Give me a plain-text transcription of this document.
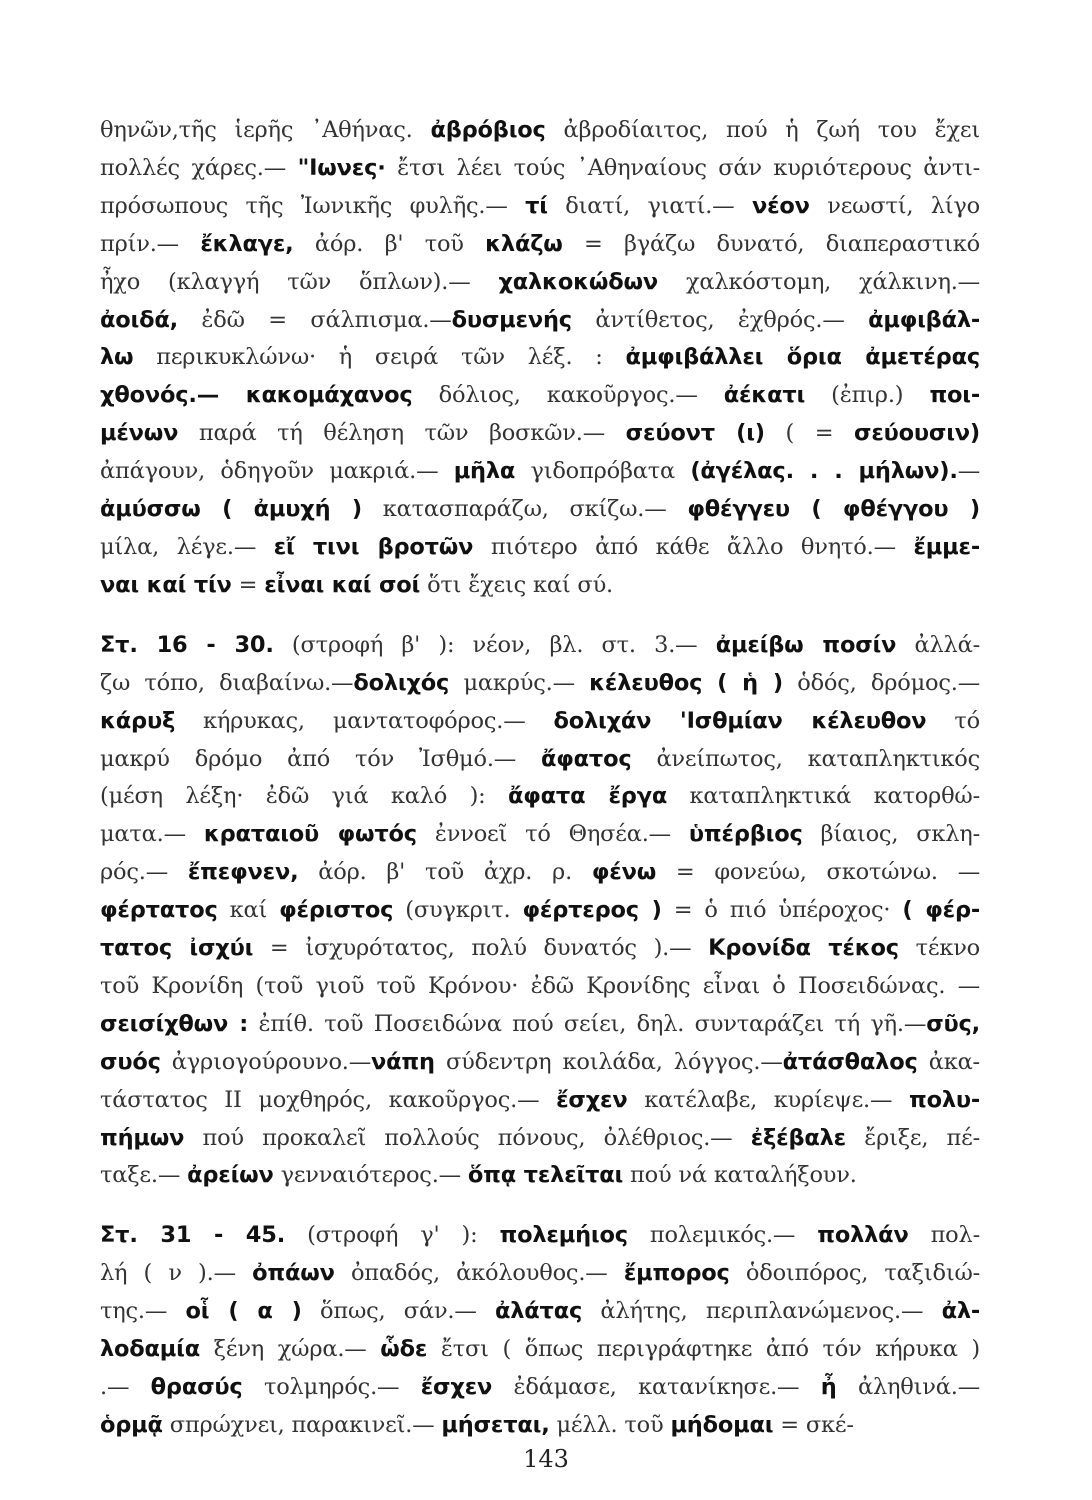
θηνῶν,τῆς ἱερῆς ᾿Αθήνας. ἀβρόβιος ἀβροδίαιτος, πού ἡ ζωή του ἔχει
πολλές χάρες.— "Ιωνες· ἔτσι λέει τούς ᾿Αθηναίους σάν κυριότερους ἀντι-
πρόσωπους τῆς Ἰωνικῆς φυλῆς.— τί διατί, γιατί.— νέον νεωστί, λίγο
πρίν.— ἔκλαγε, ἀόρ. β' τοῦ κλάζω = βγάζω δυνατό, διαπεραστικό
ἦχο (κλαγγή τῶν ὅπλων).— χαλκοκώδων χαλκόστομη, χάλκινη.—
ἀοιδά, ἐδῶ = σάλπισμα.—δυσμενής ἀντίθετος, ἐχθρός.— ἀμφιβάλ-
λω περικυκλώνω· ἡ σειρά τῶν λέξ. : ἀμφιβάλλει ὅρια ἀμετέρας
χθονός.— κακομάχανος δόλιος, κακοῦργος.— ἀέκατι (ἐπιρ.) ποι-
μένων παρά τή θέληση τῶν βοσκῶν.— σεύοντ (ι) ( = σεύουσιν)
ἀπάγουν, ὁδηγοῦν μακριά.— μῆλα γιδοπρόβατα (ἀγέλας. . . μήλων).—
ἀμύσσω ( ἀμυχή ) κατασπαράζω, σκίζω.— φθέγγευ ( φθέγγου )
μίλα, λέγε.— εἴ τινι βροτῶν πιότερο ἀπό κάθε ἄλλο θνητό.— ἔμμε-
ναι καί τίν = εἶναι καί σοί ὅτι ἔχεις καί σύ.
Στ. 16 - 30. (στροφή β' ): νέον, βλ. στ. 3.— ἀμείβω ποσίν ἀλλά-
ζω τόπο, διαβαίνω.—δολιχός μακρύς.— κέλευθος ( ἡ ) ὁδός, δρόμος.—
κάρυξ κήρυκας, μαντατοφόρος.— δολιχάν 'Ισθμίαν κέλευθον τό
μακρύ δρόμο ἀπό τόν Ἰσθμό.— ἄφατος ἀνείπωτος, καταπληκτικός
(μέση λέξη· ἐδῶ γιά καλό ): ἄφατα ἔργα καταπληκτικά κατορθώ-
ματα.— κραταιοῦ φωτός ἐννοεῖ τό Θησέα.— ὑπέρβιος βίαιος, σκλη-
ρός.— ἔπεφνεν, ἀόρ. β' τοῦ ἀχρ. ρ. φένω = φονεύω, σκοτώνω. —
φέρτατος καί φέριστος (συγκριτ. φέρτερος ) = ὁ πιό ὑπέροχος· ( φέρ-
τατος ἰσχύι = ἰσχυρότατος, πολύ δυνατός ).— Κρονίδα τέκος τέκνο
τοῦ Κρονίδη (τοῦ γιοῦ τοῦ Κρόνου· ἐδῶ Κρονίδης εἶναι ὁ Ποσειδώνας. —
σεισίχθων : ἐπίθ. τοῦ Ποσειδώνα πού σείει, δηλ. συνταράζει τή γῆ.—σῦς,
συός ἀγριογούρουνο.—νάπη σύδεντρη κοιλάδα, λόγγος.—ἀτάσθαλος ἀκα-
τάστατος ΙΙ μοχθηρός, κακοῦργος.— ἔσχεν κατέλαβε, κυρίεψε.— πολυ-
πήμων πού προκαλεῖ πολλούς πόνους, ὀλέθριος.— ἐξέβαλε ἔριξε, πέ-
ταξε.— ἀρείων γενναιότερος.— ὅπᾳ τελεῖται πού νά καταλήξουν.
Στ. 31 - 45. (στροφή γ' ): πολεμήιος πολεμικός.— πολλάν πολ-
λή ( ν ).— ὀπάων ὀπαδός, ἀκόλουθος.— ἔμπορος ὁδοιπόρος, ταξιδιώ-
της.— οἷ ( α ) ὅπως, σάν.— ἀλάτας ἀλήτης, περιπλανώμενος.— ἀλ-
λοδαμία ξένη χώρα.— ὧδε ἔτσι ( ὅπως περιγράφτηκε ἀπό τόν κήρυκα )
.— θρασύς τολμηρός.— ἔσχεν ἐδάμασε, κατανίκησε.— ἦ ἀληθινά.—
ὁρμᾷ σπρώχνει, παρακινεῖ.— μήσεται, μέλλ. τοῦ μήδομαι = σκέ-
143
